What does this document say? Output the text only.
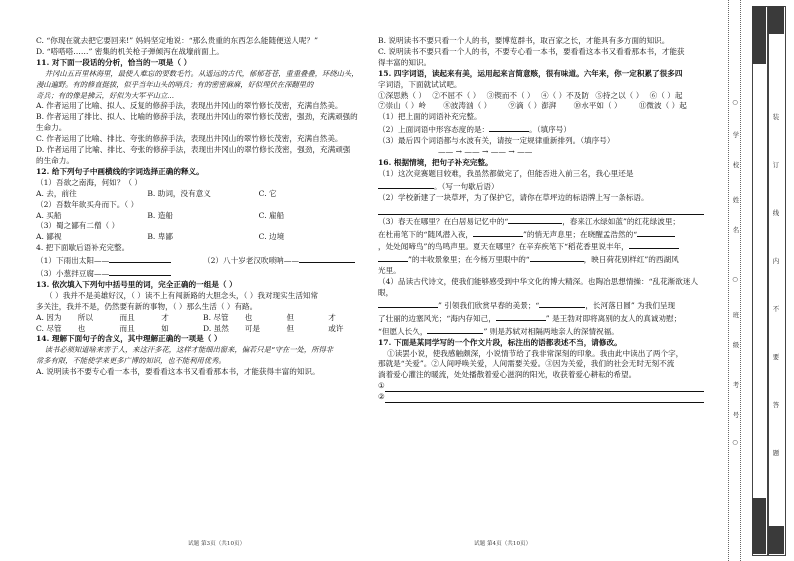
C. “你现在就去把它要回来!” 妈妈坚定地说：“那么贵重的东西怎么能随便送人呢？”

D. “嗒嗒嗒……” 密集的机关枪子弹倾泻在战壕前面上。

11. 对下面一段话的分析，恰当的一项是（ ）

井冈山五百里林海里，最使人难忘的要数毛竹。从遥远的古代，郁郁苍苍，重重叠叠，环绕山头，

漫山遍野。有的修直挺拔，似乎当年山头的哨兵；有的密密麻麻，好似埋伏在深翻里的

奇兵；有的像是拂云，好似为大军平山立...

A. 作者运用了比喻、拟人、反复的修辞手法，表现出井冈山的翠竹修长茂密，充满自然美。

B. 作者运用了排比、拟人、比喻的修辞手法，表现出井冈山的翠竹修长茂密，强劲，充满顽强的

生命力。

C. 作者运用了比喻、排比、夸张的修辞手法，表现出井冈山的翠竹修长茂密，充满自然美。

D. 作者运用了比喻、排比、夸张的修辞手法，表现出井冈山的翠竹修长茂密，强劲，充满顽强

的生命力。

12. 给下列句子中画横线的字词选择正确的释义。

（1）吾欲之南海，何如？（ ）

A. 去，前往	B. 助词，没有意义	C. 它

（2）吾数年欲买舟而下。（ ）

A. 买船	B. 造船	C. 雇船

（3）蜀之鄙有二僧（ ）

A. 鄙视	B. 卑鄙	C. 边境

4. 把下面歇后语补充完整。

（1）下雨出太阳——	（2）八十岁老汉吹唢呐——

（3）小葱拌豆腐——

13. 依次填入下列句中括号里的词，完全正确的一组是（ ）

（ ）我并不是美雄好汉，（ ）读不上有闯新路的大胆念头，（ ）我对现实生活知常

多关注，我并不是，仍然要有新的事物，（ ）那么生活（ ）有路。

A. 因为	所以	而且	才	B. 尽管	也	但	才
C. 尽管	也	而且	如	D. 虽然	可是	但	或许

14. 理解下面句子的含义，其中理解正确的一项是（ ）

读书必须知道啥来害于人，来这汗多花，这样才能细出窗来，偏若只是“守在一处，所得非

常多有限，不能使学来更多广博的知识，也不能利用优秀。

A. 说明读书不要专心看一本书，要看看这本书又看看那本书，才能获得丰富的知识。

试题 第3页（共10页）

B. 说明读书不要只看一个人的书，要博览群书，取百家之长，才能具有多方面的知识。

C. 说明读书不要只看一个人的书，不要专心看一本书，要看看这本书又看看那本书，才能获

得丰富的知识。

15. 四字词语，读起来有美，运用起来言简意赅，很有味道。六年来，你一定积累了很多四

字词语，下面就试试吧。

①深思熟（ ） ②不屈不（ ） ③锲而不（ ） ④（ ）不及防 ⑤持之以（ ） ⑥（ ）起
⑦崇山（ ）岭	⑧波涛汹（ ）	⑨滴（ ）澎湃	⑩水平如（ ）	⑪微波（ ）起

（1）把上面的词语补充完整。

（2）上面词语中形容态度的是：	。（填序号）

（3）最后四个词语都与水波有关，请按一定规律重新排列。（填序号）

—— → —— → —— → ——

16. 根据情境，把句子补充完整。

（1）这次竞赛题目较难，我虽然都做完了，但能否进入前三名，我心里还是

。（写一句歇后语）

（2）学校新建了一块草坪，为了保护它，请你在草坪边的标语牌上写一条标语。

（3）春天在哪里？在白居易记忆中的“	，春来江水绿如蓝”的红花绿波里；

在杜甫笔下的“随风潜入夜，	”的悄无声息里；在晓醒孟浩然的“

，处处闻啼鸟”的鸟鸣声里。夏天在哪里？在辛弃疾笔下“稻花香里说丰年，

”的丰收景象里；在今杨万里眼中的“	，映日荷花别样红”的西湖风

光里。

（4）品读古代诗文，使我们能够感受到中华文化的博大精深。也陶冶思想情操：“乱花渐欲迷人眼，

” 引领我们欣赏早春的美景；“	，长河落日圆” 为我们呈现

了壮丽的边塞风光；“海内存知己，	” 是王勃对即将离别的友人的真诚劝慰；

“但愿人长久，	” 则是苏轼对相隔两地亲人的深情祝福。

17. 下面是某同学写的一个作文片段，标注出的语都表述不当，请修改。

①读罢小说，使我感触颇深，小说情节给了我非常深刻的印象。我由此中读出了两个字，

那就是“关爱”。②人间呼唤关爱，人间需要关爱。③因为关爱，我们的社会无时无刻不流

淌着爱心灌注的暖流，处处播散着爱心滋润的阳光，收获着爱心耕耘的希望。

①
②
试题 第4页（共10页）
○
○
○
学
校
姓
名
班
级
考
号
装
订
线
内
不
要
答
题
